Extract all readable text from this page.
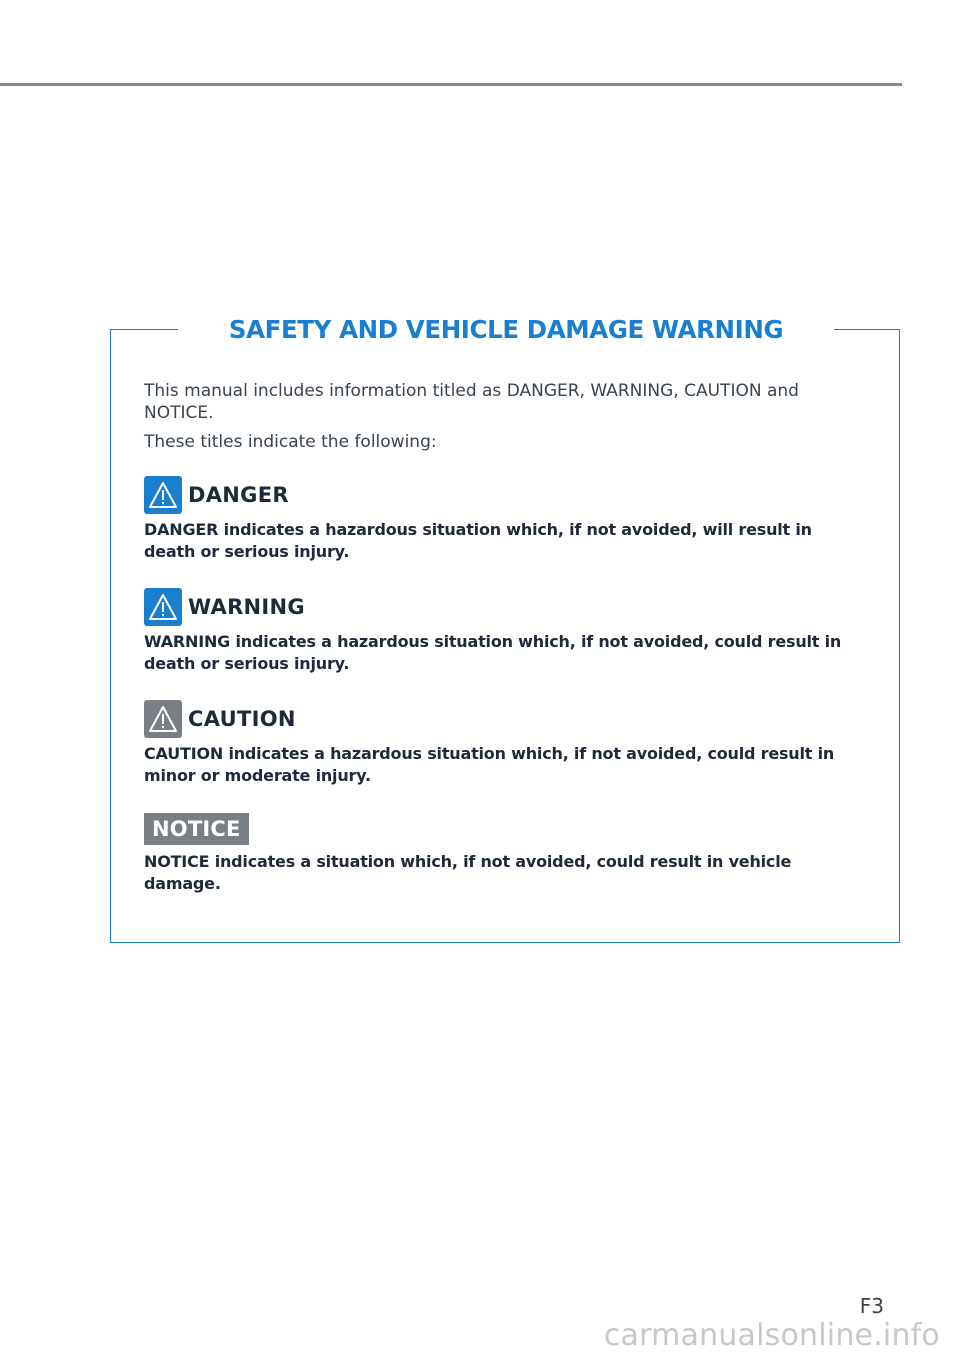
SAFETY AND VEHICLE DAMAGE WARNING

This manual includes information titled as DANGER, WARNING, CAUTION and NOTICE.

These titles indicate the following:

DANGER

DANGER indicates a hazardous situation which, if not avoided, will result in death or serious injury.

WARNING

WARNING indicates a hazardous situation which, if not avoided, could result in death or serious injury.

CAUTION

CAUTION indicates a hazardous situation which, if not avoided, could result in minor or moderate injury.

NOTICE

NOTICE indicates a situation which, if not avoided, could result in vehicle damage.

F3
carmanualsonline.info
